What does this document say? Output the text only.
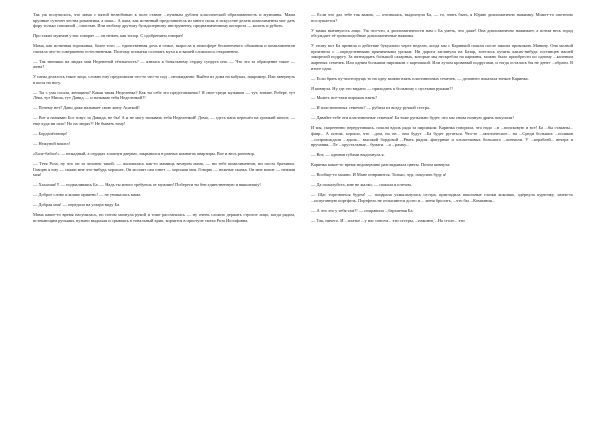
Так уж получилось, что мама с пятой нелюбовью к поле ставит ...нужным дублем классической образованность и мужчины. Мама крупные суточен честна романтика, а папа... А папа, как истинный представитель из много поля, в искусстве делать комплименты мог дать фору только сапожной ...опастью. Или любому другому бульдозерному инструменту, предназначенному копорота — колоть и рубить.

Про таких мужчин у нас говорят — он нежен, как топор. С одобрением говорят!

Мама, как истинная горожанка, более того — единственная дочь в семье, выросла в атмосфере бесконечного обожания и комплиментов считала что-то совершенно естественным. Поэтому попытки осознать муха к и вашей сложилось откровенно.

— Так звонишь на людях маи Недененой тёплыность? — язвлась к базыльному сердцу супруга она. — Что это за обращение такое — жена?

У папы делалось такое лицо, словно ему предложили что-то что-то под ...неожиданно. Выйти из дома на кабуках, например. Или завернуть в косы на ногу.

— Ты с ума сошла, женщина? Какая такая Неделенка? Как ты себе это представляешь? Я свое-среди мужиков — тут, значит, Роберт, тут Лёва, тут Миша, тут Давид — и называю тебя Неделенкой?!

— Почему нет? Дави даже называет свою жену Асаткой!

— Вот я называю Бог зовус за Давида, не бы! А и не могу называть тебя Неделенкой! Дома, — здесь папа перешёл на громкий шепот, — еще куда ни шло! Но на людях?! Не бывать тому!

— Бордалёгающе!

— Нежуной вошел!

«Бале-бабал!» — нежадный, а сердцах хлопнув дверью, закрывался в разных комнатах квартиры. Вот и весь разговор.

— Тетя Роза, ну что он за человек такой, — жаловалась как-то мамищь вечером мама, — ни тебе комплиментов, ни поста братанки. Говорю я ему — скажи мне что-нибудь хорошее. Он молчит сам ответ — хорошая моя. Говорю — нежные сказка. Он мне вопит — нежная моя!

— Хахахаш!!! — подмаливаясь Ба. — Надь ты много требуешь от мужчин! Побереги ты бен единственную и вяшшешку!

— Доброе слово и кошке приятно! — не унималась мама.

— Добрая моя! — передала на ультра виду Ба.

Мама какое-то время насупилась, но потом махнула рукой и тоже рассмеялась — ну очень сложно держать строгое лицо, когда рядом, истекающим ручьями, пузыно выдыхая и срываясь в тональный хрип, корчится в приступе смеха Роза Иосифовна.

— Если что дал тебе так важно, — отозвалась, выдохнула Ба, — то, знать быть, я Юрию дипломатично нажимку. Может-то опоточно послушается?

У мамы вытянулось лицо. Уж что-что, а дипломатичности нам с Ба уметь, что даже! Она дипломатично нажимает, а потом весь город обсуждает её громоподобные дипломатичные нажимы.

У этому вот Ба привела и действие букуально через неделю, когда мы с Каринкой пошли после школы провожать Манину. Она молвой произвела с ...определенными пряничными урокам. Ни дорога заглянули на Базар, хотелось купить каких-нибудь гостинцев нашей закорелой подругу. За пятнадцать большой сахарных, которые мы нескребли на карманы, можно было приобрести по одному ...каленым жареных семечек. Или одним большим пирожком с картошкой. Или лучом кровавый подругами, и тогда остались бы не денег ...обрати. В итоге одна.

— Если брать пу-чистогрущь то на одну можно взять пластиночных семечек, — деловито показала тонкое Каринка.

Я кивнула. Ну где это видано — приходить к больному с пустыми руками?!

— Может, все-таки пирожок взять?

— И пластиночных семечек? — рубила из возду ручкой сестра.

— Давайте тебе эти пластиночные семечки! Ба тоже рупыльно будет, что мы снова ночную дрянь покупали!

И мы, скорееннно переругиваясь, пошли вдоль ряда за пирожком. Каринка говорила, что надо ...в ...поисковую и все! Ба ...бы стаканы... фаир... А потом, хорошо, что ...дом, но он... они будут ...Ба будет ругаться. Что-то ...экзотическое... на ...Среди больших ...поляков ...сопровождали ...вдоль... высокой бордовой ...Рвать рядом...фигурные и хлопотливых большого ...кончили. У ...кораблей... вечера и вручания... Ле ...хрустальные... бумаги. ...а ...рамку...

— Вот, — одними губами выдохнула я.

Каринка какое-то время недоверчиво разглядывала цветы. Потом кивнула:

— Вообще-то можно. И Мане понравится. Только, чур, покупать буду я!

— Да пожалуйста, мне не жалко, — пожала я плечом.

— Щас торговаться будем! — поцарала ухмыльнулась сестра, пригладила школьные глазки кокошко, одёрнула курточку, зачем-то ...испуганную портфель. Портфель не отлысяются долго и ... меня бросить, ...что бы ...Компания...

— А что это у тебя там?! — поправила ...бархатная Ба.

— Так, ничего. И ...платье ...у нас совсем... эти сестры, ...наконец ...На столе... эти
